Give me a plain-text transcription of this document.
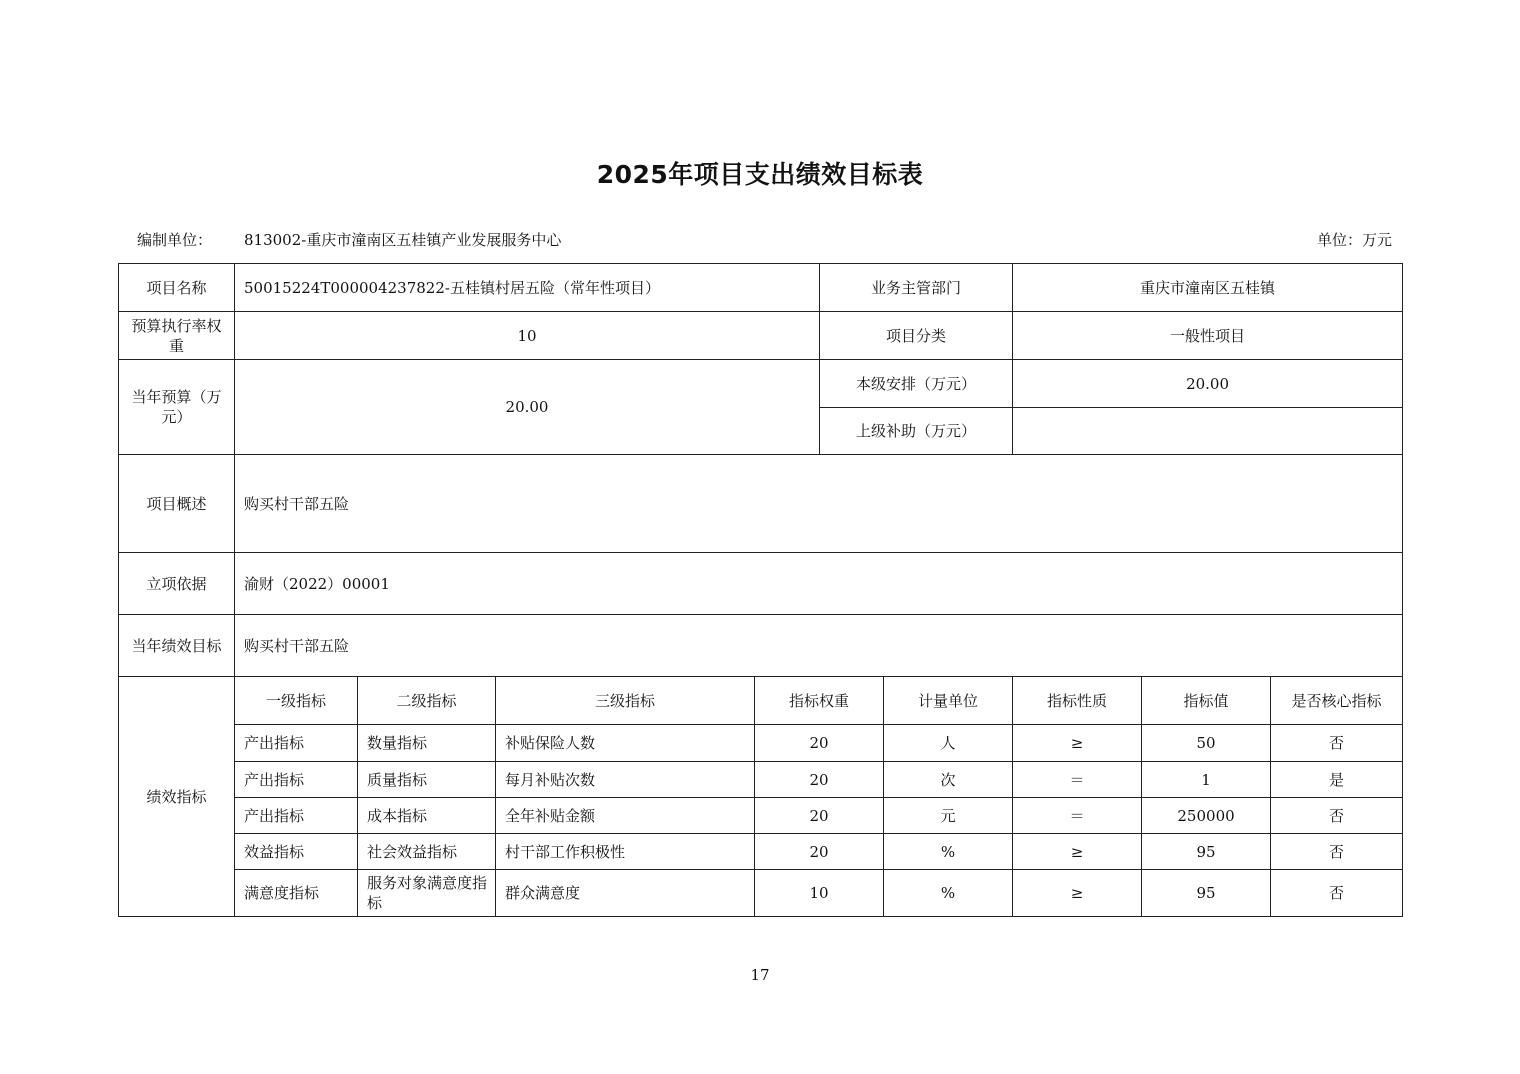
2025年项目支出绩效目标表
编制单位： 813002-重庆市潼南区五桂镇产业发展服务中心	单位：万元
项目名称	50015224T000004237822-五桂镇村居五险（常年性项目）				业务主管部门		重庆市潼南区五桂镇		
预算执行率权重	10				项目分类		一般性项目		
当年预算（万元）	20.00				本级安排（万元）		20.00		
					上级补助（万元）				
项目概述	购买村干部五险								
立项依据	渝财（2022）00001								
当年绩效目标	购买村干部五险								
绩效指标	一级指标	二级指标	三级指标	指标权重		计量单位	指标性质	指标值	是否核心指标
	产出指标	数量指标	补贴保险人数	20		人	≥	50	否
	产出指标	质量指标	每月补贴次数	20		次	＝	1	是
	产出指标	成本指标	全年补贴金额	20		元	＝	250000	否
	效益指标	社会效益指标	村干部工作积极性	20		%	≥	95	否
	满意度指标	服务对象满意度指标	群众满意度	10		%	≥	95	否
17
